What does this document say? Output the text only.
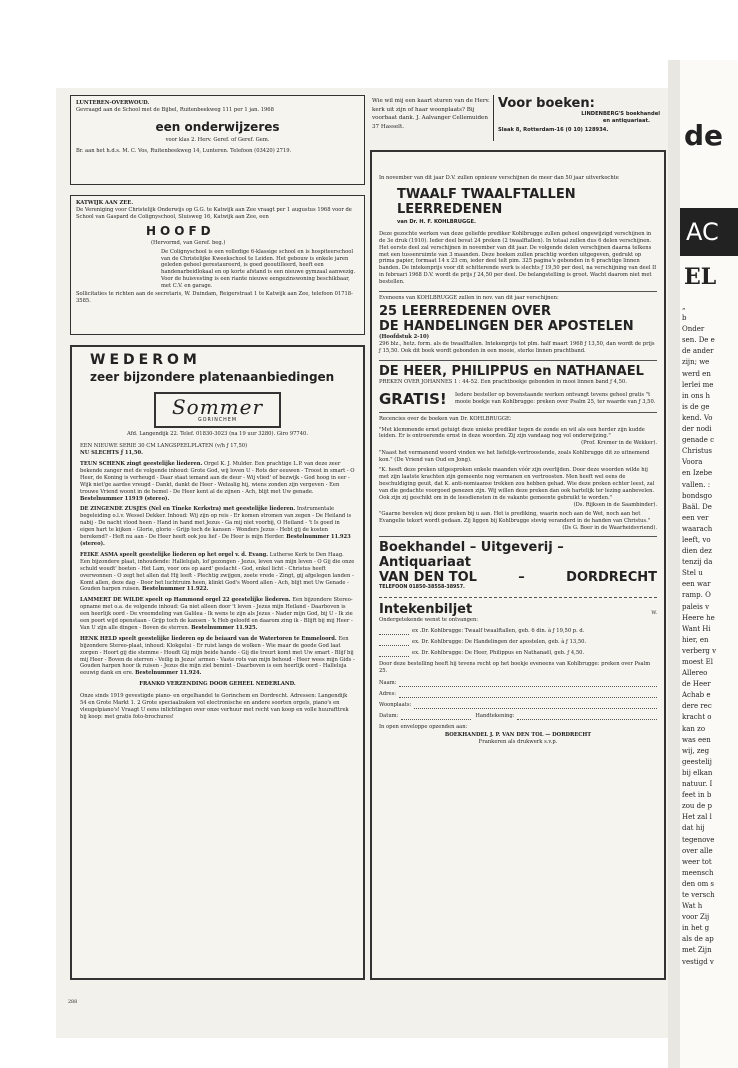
de
AC
EL
„
b
Onder
sen. De e
de ander
zijn; we
werd en
lerlei me
in ons h
is de ge
kend. Vo
der nodi
genade c
Christus
Voora
en Izebe
vallen. :
bondsgo
Baäl. De
een ver
waarach
leeft, vo
dien dez
tenzij da
Stel u
een war
ramp. O
paleis v
Heere he
Want Hi
hier, en
verberg v
moest El
Allereo
de Heer
Achab e
dere rec
kracht o
kan zo
was een
wij, zeg
geestelij
bij elkan
natuur. I
feet in b
zou de p
Het zal l
dat hij
tegenove
over alle
weer tot
meensch
den om s
te versch
Wat h
voor Zij
in het g
als de ap
met Zijn
vestigd v
LUNTEREN-OVERWOUD.
Gevraagd aan de School met de Bijbel, Ruitenbeekweg 111 per 1 jan. 1968
een onderwijzeres
voor klas 2. Herv. Geref. of Geref. Gem.
Br. aan het h.d.s. M. C. Vos, Ruitenbeekweg 14, Lunteren. Telefoon (03420) 2719.
KATWIJK AAN ZEE.
De Vereniging voor Christelijk Onderwijs op G.G. te Katwijk aan Zee vraagt per 1 augustus 1968 voor de School van Gaspard de Colignyschool, Sluisweg 16, Katwijk aan Zee, een
HOOFD
(Hervormd, van Geref. beg.)
De Colignyschool is een volledige 6-klassige school en is hospiteerschool van de Christelijke Kweekschool te Leiden. Het gebouw is enkele jaren geleden geheel gerestaureerd, is goed geoutilleerd, heeft een handenarbeidlokaal en op korte afstand is een nieuwe gymzaal aanwezig.
Voor de huisvesting is een riante nieuwe eengezinswoning beschikbaar, met C.V. en garage.
Sollicitaties te richten aan de secretaris, W. Duindam, Reigerstraat 1 te Katwijk aan Zee, telefoon 01718-3585.
WEDEROM
zeer bijzondere platenaanbiedingen
Sommer
GORINCHEM
Afd. Langendijk 22. Telef. 01830-3023 (na 19 uur 3280). Giro 97740.
EEN NIEUWE SERIE 30 CM LANGSPEELPLATEN (v/h ƒ 17,50)
NU SLECHTS ƒ 11,50.
TEUN SCHENK zingt geestelijke liederen. Orgel K. J. Mulder. Een prachtige L.P. van deze zeer bekende zanger met de volgende inhoud: Grote God, wij loven U - Rots der eeuwen - Troost in smart - O Heer, de Koning is verheugd - Daar staat iemand aan de deur - Wij vlied' of bezwijk - God hoog in eer - Wijk niet'ge aardse vreugd - Dankt, dankt de Heer - Welzalig hij, wiens zonden zijn vergeven - Een trouwe Vriend woont in de hemel - De Heer kent al de zijnen - Ach, blijt met Uw genade. Bestelnummer 11919 (stereo).
DE ZINGENDE ZUSJES (Nel en Tineke Kerkstra) met geestelijke liederen. Instrumentale begeleiding o.l.v. Wessel Dekker. Inhoud: Wij zijn op reis - Er komen stromen van zegen - De Heiland is nabij - De nacht vlood heen - Hand in hand met Jezus - Ga mij niet voorbij, O Heiland - 't Is goed in eigen hart te kijken - Glorie, glorie - Grijp toch de kansen - Wonders Jezus - Hebt gij de kosten berekend? - Heft nu aan - De Heer heeft ook jou lief - De Heer is mijn Herder. Bestelnummer 11.923 (stereo).
FEIKE ASMA speelt geestelijke liederen op het orgel v. d. Evang. Lutherse Kerk te Den Haag. Een bijzondere plaat, inhoudende: Hallelujah, lof gezongen - Jezus, leven van mijn leven - O Gij die onze schuld woudt' boeten - Het Lam, voor ons op aard' geslacht - God, enkel licht - Christus heeft overwonnen - O zegt het allen dat Hij leeft - Plechtig zwijgen, zoete vrede - Zingt, gij afgelegen landen - Komt allen, deze dag - Door het luchtruim heen, klinkt God's Woord allen - Ach, blijt met Uw Genade - Gouden harpen ruisen. Bestelnummer 11.922.
LAMMERT DE WILDE speelt op Hammond orgel 22 geestelijke liederen. Een bijzondere Stereo-opname met o.a. de volgende inhoud: Ga niet alleen door 't leven - Jezus mijn Heiland - Daarboven is een heerlijk oord - De vreemdeling van Galilea - Ik wens te zijn als Jezus - Nader mijn God, bij U - Ik zie een poort wijd openstaan - Grijp toch de kansen - 'k Heb geloofd en daarom zing ik - Blijft bij mij Heer - Van U zijn alle dingen - Boven de sterren. Bestelnummer 11.925.
HENK HELD speelt geestelijke liederen op de beiaard van de Watertoren te Emmeloord. Een bijzondere Stereo-plaat, inhoud: Klokgelui - Er ruist langs de wolken - Wie maar de goede God laat zorgen - Hoort gij die stemme - Houdt Gij mijn beide hande - Gij die treurt komt met Uw smart - Blijf bij mij Heer - Boven de sterren - Veilig in Jezus' armen - Vaste rots van mijn behoud - Heer wees mijn Gids - Gouden harpen hoor ik ruisen - Jezus die mijn ziel bemint - Daarboven is een heerlijk oord - Halleluja eeuwig dank en ere. Bestelnummer 11.924.
FRANKO VERZENDING DOOR GEHEEL NEDERLAND.
Onze sinds 1919 gevestigde piano- en orgelhandel te Gorinchem en Dordrecht. Adressen: Langendijk 54 en Grote Markt 1. 2 Grote speciaalzaken vol electronische en andere soorten orgels, piano's en vleugelpiano's! Vraagt U eens inlichtingen over onze verhuur met recht van koop en volle huurafttrek bij koop: met gratis foto-brochures!
288
Wie wil mij een kaart sturen van de Herv. kerk uit zijn of haar woonplaats? Bij voorbaat dank. J. Aalvanger Cellemuiden 37 Hasselt.
Voor boeken:
LINDENBERG'S boekhandel
en antiquariaat.
Slaak 8, Rotterdam-16 (0 10) 128934.
In november van dit jaar D.V. zullen opnieuw verschijnen de meer dan 50 jaar uitverkochte
TWAALF TWAALFTALLEN
LEERREDENEN
van Dr. H. F. KOHLBRUGGE.
Deze gezochte werken van deze geliefde prediker Kohlbrugge zullen geheel ongewijzigd verschijnen in de 3e druk (1910). Ieder deel bevat 24 preken (2 twaalftallen). In totaal zullen dus 6 delen verschijnen. Het eerste deel zal verschijnen in november van dit jaar. De volgende delen verschijnen daarna telkens met een tussenruimte van 3 maanden. Deze boeken zullen prachtig worden uitgegeven, gedrukt op prima papier, formaat 14 x 23 cm, ieder deel telt pim. 325 pagina's gebonden in 6 prachtige linnen banden. De intekenprijs voor dit schitterende werk is slechts ƒ 19,50 per deel, na verschijning van deel II in februari 1968 D.V. wordt de prijs ƒ 24,50 per deel. De belangstelling is groot. Wacht daarom niet met bestellen.
Eveneens van KOHLBRUGGE zullen in nov. van dit jaar verschijnen:
25 LEERREDENEN OVER
DE HANDELINGEN DER APOSTELEN
(Hoofdstuk 2-10)
296 blz., hetz. form. als de twaalftallen. Intekenprijs tot plm. half maart 1968 ƒ 13,50, dan wordt de prijs ƒ 15,50. Ook dit boek wordt gebonden in een mooie, sterke linnen prachtband.
DE HEER, PHILIPPUS en NATHANAEL
PREKEN OVER JOHANNES 1 : 44-52. Een prachtboekje gebonden in mooi linnen band ƒ 4,50.
GRATIS!	Iedere besteller op bovenstaande werken ontvangt tevens geheel gratis "t mooie boekje van Kohlbrugge: preken over Psalm 25, ter waarde van ƒ 3,50.
Recencies over de boeken van Dr. KOHLBRUGGE:
"Met klemmende ernst getuigt deze unieke prediker tegen de zonde en wil als een herder zijn kudde leiden. Er is ontroerende ernst in deze woorden. Zij zijn vandaag nog vol onderwijzing."
(Prof. Kremer in de Wekker).
"Naast het vermanend woord vinden we het liefelijk-vertroostende, zoals Kohlbrugge dit zo uitnemend kon." (De Vriend van Oud en Jong).
"K. heeft deze preken uitgesproken enkele maanden vóór zijn overlijden. Door deze woorden wilde hij met zijn laatste krachten zijn gemeente nog vermanen en vertroosten. Men heeft wel eens de beschuldiging geuit, dat K. anti-nomiaanse trekken zou hebben gehad. Wie deze preken echter leest, zal van die gedachte voorgoed genezen zijn. Wij willen deze preken dan ook hartelijk ter lezing aanbevelen. Ook zijn zij geschikt om in de leesdiensten in de vakante gemeente gebruikt te worden."
(Ds. Rijksen in de Saambinder).
"Gaarne bevelen wij deze preken bij u aan. Het is prediking, waarin noch aan de Wet, noch aan het Evangelie tekort wordt gedaan. Zij liggen bij Kohlbrugge stevig veranderd in de handen van Christus."
(Ds G. Boer in de Waarheidsvriend).
Boekhandel – Uitgeverij – Antiquariaat
VAN DEN TOL	–	DORDRECHT
TELEFOON 01850-38558-38957.
Intekenbiljet	W.
Ondergetekende wenst te ontvangen:
ex .Dr. Kohlbrugge: Twaalf twaalftallen, geb. 6 din. à ƒ 19,50 p. d.
ex. Dr. Kohlbrugge: De Handelingen der apostelen, geb. à ƒ 13,50.
ex. Dr. Kohlbrugge: De Heer, Philippus en Nathanaël, geb. ƒ 4,50.
Door deze bestelling heeft hij tevens recht op het boekje eveneens van Kohlbrugge: preken over Psalm 25.
Naam:
Adres:
Woonplaats:
Datum:	Handtekening:
In open enveloppe opzenden aan:
BOEKHANDEL J. P. VAN DEN TOL — DORDRECHT
Frankeren als drukwerk s.v.p.
